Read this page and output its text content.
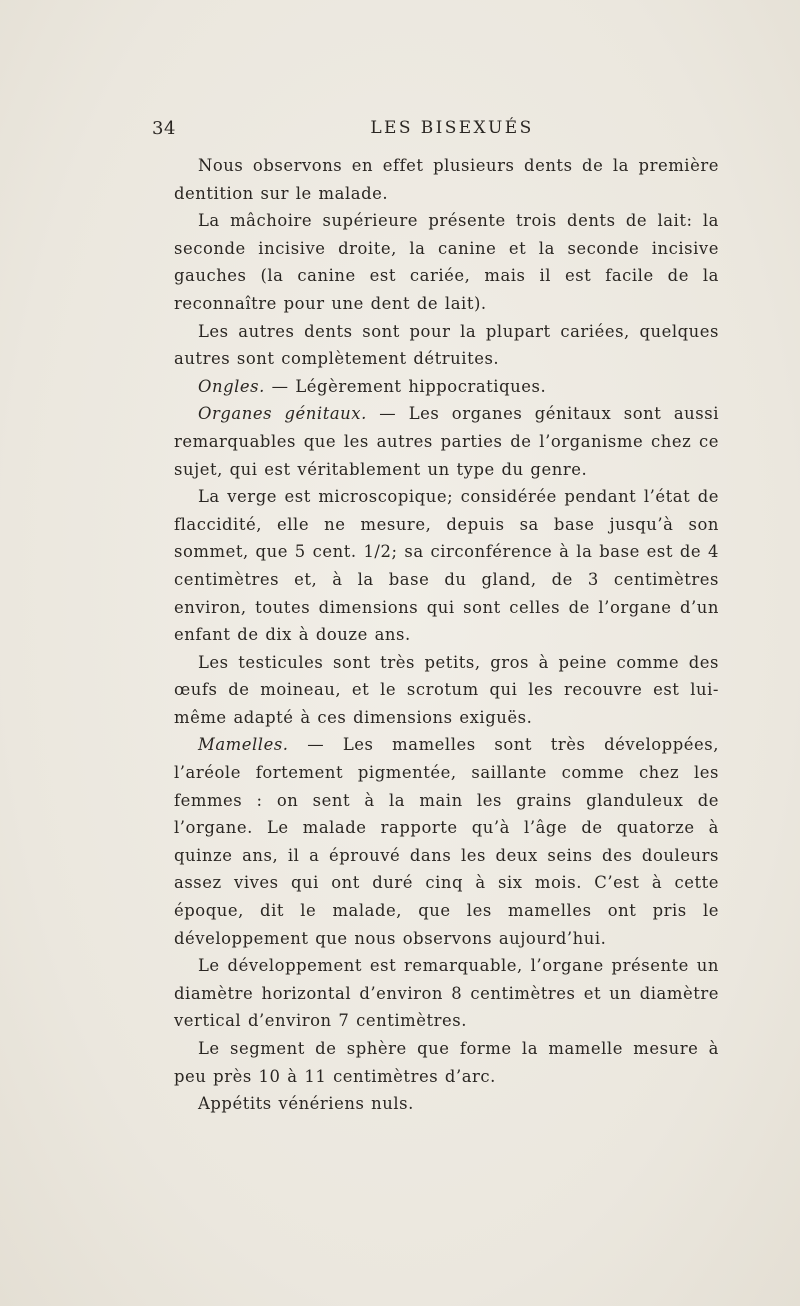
34	LES BISEXUÉS

Nous observons en effet plusieurs dents de la première dentition sur le malade.

La mâchoire supérieure présente trois dents de lait: la seconde incisive droite, la canine et la seconde incisive gauches (la canine est cariée, mais il est facile de la reconnaître pour une dent de lait).

Les autres dents sont pour la plupart cariées, quelques autres sont complètement détruites.

Ongles. — Légèrement hippocratiques.

Organes génitaux. — Les organes génitaux sont aussi remarquables que les autres parties de l’organisme chez ce sujet, qui est véritablement un type du genre.

La verge est microscopique; considérée pendant l’état de flaccidité, elle ne mesure, depuis sa base jusqu’à son sommet, que 5 cent. 1/2; sa circonférence à la base est de 4 centimètres et, à la base du gland, de 3 centimètres environ, toutes dimensions qui sont celles de l’organe d’un enfant de dix à douze ans.

Les testicules sont très petits, gros à peine comme des œufs de moineau, et le scrotum qui les recouvre est lui-même adapté à ces dimensions exiguës.

Mamelles. — Les mamelles sont très développées, l’aréole fortement pigmentée, saillante comme chez les femmes : on sent à la main les grains glanduleux de l’organe. Le malade rapporte qu’à l’âge de quatorze à quinze ans, il a éprouvé dans les deux seins des douleurs assez vives qui ont duré cinq à six mois. C’est à cette époque, dit le malade, que les mamelles ont pris le développement que nous observons aujourd’hui.

Le développement est remarquable, l’organe présente un diamètre horizontal d’environ 8 centimètres et un diamètre vertical d’environ 7 centimètres.

Le segment de sphère que forme la mamelle mesure à peu près 10 à 11 centimètres d’arc.

Appétits vénériens nuls.
